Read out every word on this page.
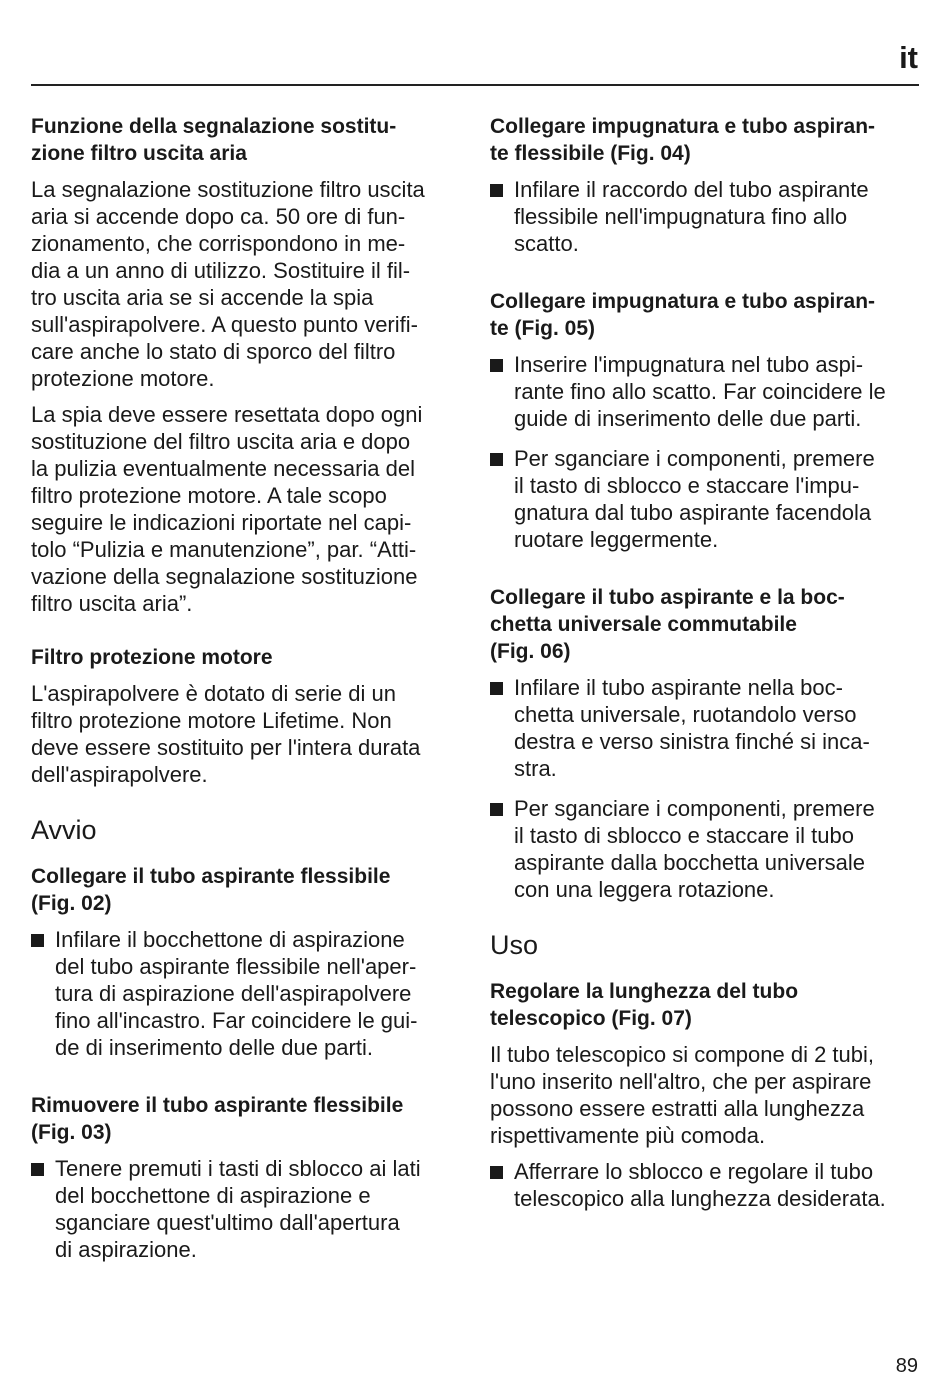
it
Funzione della segnalazione sostitu-
zione filtro uscita aria
La segnalazione sostituzione filtro uscita
aria si accende dopo ca. 50 ore di fun-
zionamento, che corrispondono in me-
dia a un anno di utilizzo. Sostituire il fil-
tro uscita aria se si accende la spia
sull'aspirapolvere. A questo punto verifi-
care anche lo stato di sporco del filtro
protezione motore.
La spia deve essere resettata dopo ogni
sostituzione del filtro uscita aria e dopo
la pulizia eventualmente necessaria del
filtro protezione motore. A tale scopo
seguire le indicazioni riportate nel capi-
tolo “Pulizia e manutenzione”, par. “Atti-
vazione della segnalazione sostituzione
filtro uscita aria”.
Filtro protezione motore
L'aspirapolvere è dotato di serie di un
filtro protezione motore Lifetime. Non
deve essere sostituito per l'intera durata
dell'aspirapolvere.
Avvio
Collegare il tubo aspirante flessibile
(Fig. 02)
Infilare il bocchettone di aspirazione
del tubo aspirante flessibile nell'aper-
tura di aspirazione dell'aspirapolvere
fino all'incastro. Far coincidere le gui-
de di inserimento delle due parti.
Rimuovere il tubo aspirante flessibile
(Fig. 03)
Tenere premuti i tasti di sblocco ai lati
del bocchettone di aspirazione e
sganciare quest'ultimo dall'apertura
di aspirazione.
Collegare impugnatura e tubo aspiran-
te flessibile (Fig. 04)
Infilare il raccordo del tubo aspirante
flessibile nell'impugnatura fino allo
scatto.
Collegare impugnatura e tubo aspiran-
te (Fig. 05)
Inserire l'impugnatura nel tubo aspi-
rante fino allo scatto. Far coincidere le
guide di inserimento delle due parti.
Per sganciare i componenti, premere
il tasto di sblocco e staccare l'impu-
gnatura dal tubo aspirante facendola
ruotare leggermente.
Collegare il tubo aspirante e la boc-
chetta universale commutabile
(Fig. 06)
Infilare il tubo aspirante nella boc-
chetta universale, ruotandolo verso
destra e verso sinistra finché si inca-
stra.
Per sganciare i componenti, premere
il tasto di sblocco e staccare il tubo
aspirante dalla bocchetta universale
con una leggera rotazione.
Uso
Regolare la lunghezza del tubo
telescopico (Fig. 07)
Il tubo telescopico si compone di 2 tubi,
l'uno inserito nell'altro, che per aspirare
possono essere estratti alla lunghezza
rispettivamente più comoda.
Afferrare lo sblocco e regolare il tubo
telescopico alla lunghezza desiderata.
89
